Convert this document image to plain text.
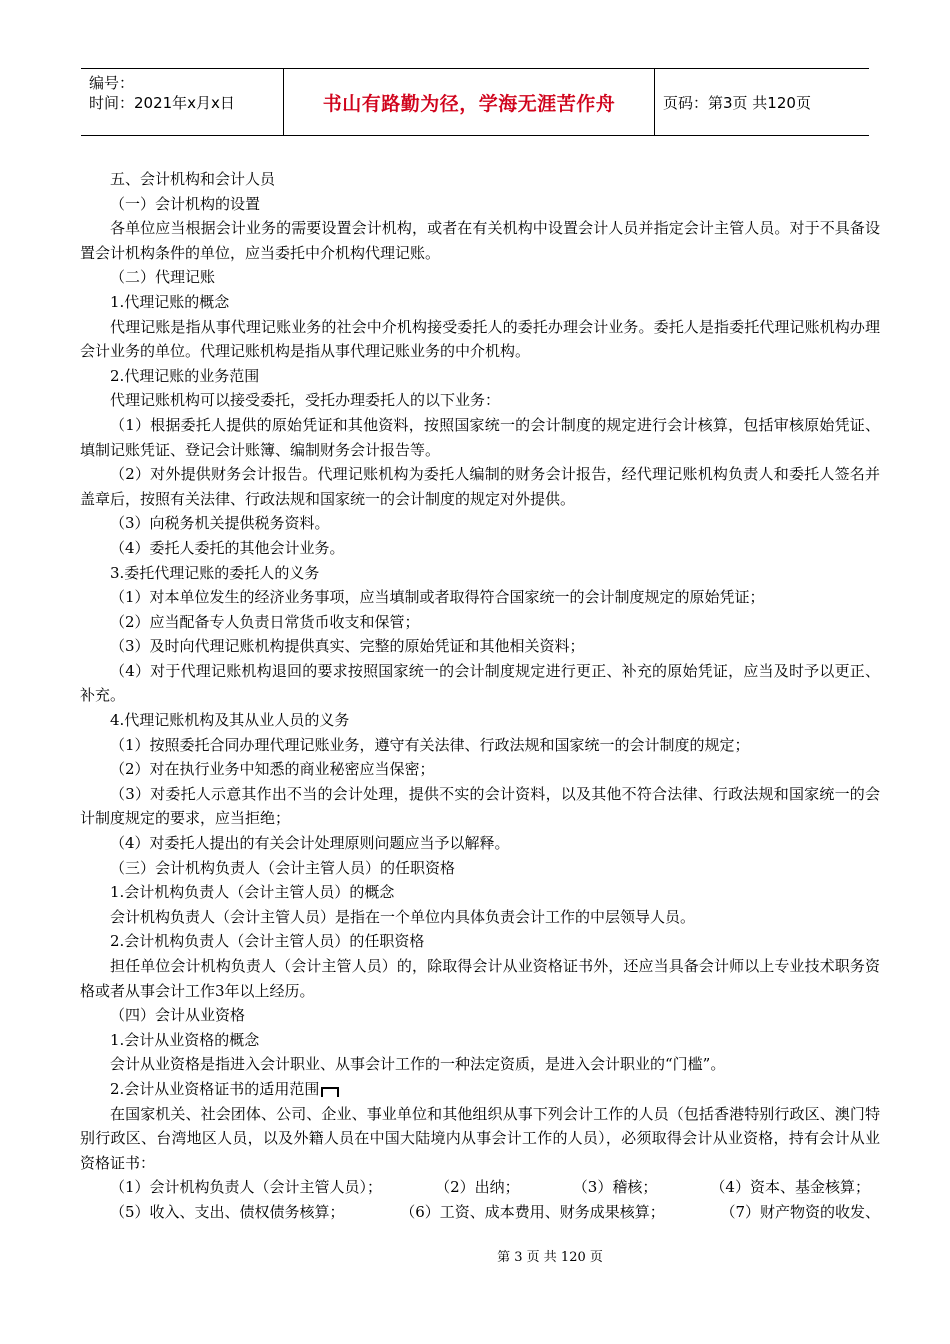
编号：
时间：2021年x月x日	书山有路勤为径，学海无涯苦作舟	页码：第3页 共120页

五、会计机构和会计人员

（一）会计机构的设置

各单位应当根据会计业务的需要设置会计机构，或者在有关机构中设置会计人员并指定会计主管人员。对于不具备设置会计机构条件的单位，应当委托中介机构代理记账。

（二）代理记账

1.代理记账的概念

代理记账是指从事代理记账业务的社会中介机构接受委托人的委托办理会计业务。委托人是指委托代理记账机构办理会计业务的单位。代理记账机构是指从事代理记账业务的中介机构。

2.代理记账的业务范围

代理记账机构可以接受委托，受托办理委托人的以下业务：

（1）根据委托人提供的原始凭证和其他资料，按照国家统一的会计制度的规定进行会计核算，包括审核原始凭证、填制记账凭证、登记会计账簿、编制财务会计报告等。

（2）对外提供财务会计报告。代理记账机构为委托人编制的财务会计报告，经代理记账机构负责人和委托人签名并盖章后，按照有关法律、行政法规和国家统一的会计制度的规定对外提供。

（3）向税务机关提供税务资料。

（4）委托人委托的其他会计业务。

3.委托代理记账的委托人的义务

（1）对本单位发生的经济业务事项，应当填制或者取得符合国家统一的会计制度规定的原始凭证；

（2）应当配备专人负责日常货币收支和保管；

（3）及时向代理记账机构提供真实、完整的原始凭证和其他相关资料；

（4）对于代理记账机构退回的要求按照国家统一的会计制度规定进行更正、补充的原始凭证，应当及时予以更正、补充。

4.代理记账机构及其从业人员的义务

（1）按照委托合同办理代理记账业务，遵守有关法律、行政法规和国家统一的会计制度的规定；

（2）对在执行业务中知悉的商业秘密应当保密；

（3）对委托人示意其作出不当的会计处理，提供不实的会计资料，以及其他不符合法律、行政法规和国家统一的会计制度规定的要求，应当拒绝；

（4）对委托人提出的有关会计处理原则问题应当予以解释。

（三）会计机构负责人（会计主管人员）的任职资格

1.会计机构负责人（会计主管人员）的概念

会计机构负责人（会计主管人员）是指在一个单位内具体负责会计工作的中层领导人员。

2.会计机构负责人（会计主管人员）的任职资格

担任单位会计机构负责人（会计主管人员）的，除取得会计从业资格证书外，还应当具备会计师以上专业技术职务资格或者从事会计工作3年以上经历。

（四）会计从业资格

1.会计从业资格的概念

会计从业资格是指进入会计职业、从事会计工作的一种法定资质，是进入会计职业的“门槛”。

2.会计从业资格证书的适用范围

在国家机关、社会团体、公司、企业、事业单位和其他组织从事下列会计工作的人员（包括香港特别行政区、澳门特别行政区、台湾地区人员，以及外籍人员在中国大陆境内从事会计工作的人员），必须取得会计从业资格，持有会计从业资格证书：

（1）会计机构负责人（会计主管人员）；	（2）出纳；	（3）稽核；	（4）资本、基金核算；
（5）收入、支出、债权债务核算；	（6）工资、成本费用、财务成果核算；	（7）财产物资的收发、
第 3 页 共 120 页
